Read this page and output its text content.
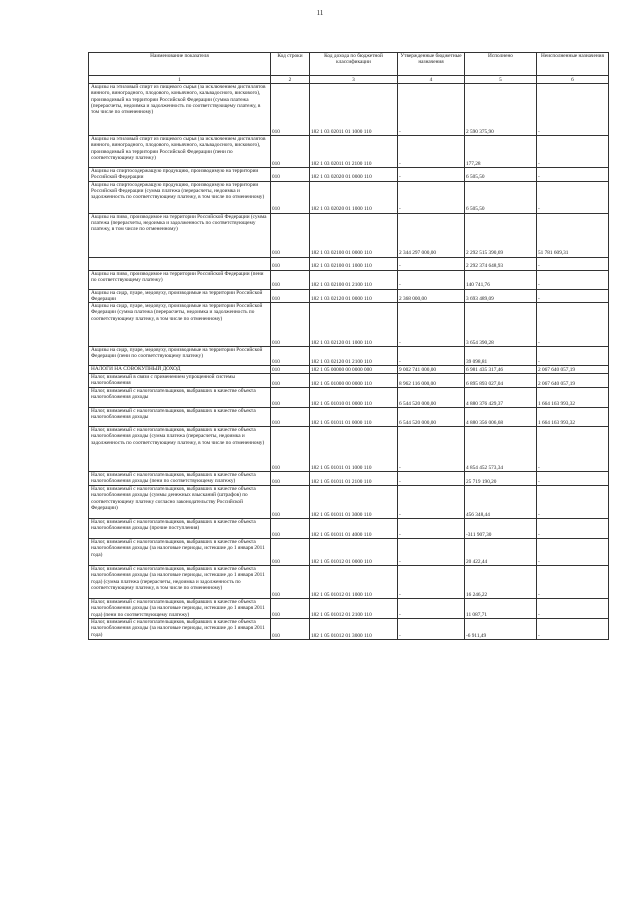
11
Наименование показателя	Код строки	Код дохода по бюджетной классификации	Утвержденные бюджетные назначения	Исполнено	Неисполненные назначения
1	2	3	4	5	6
Акцизы на этиловый спирт из пищевого сырья (за исключением дистиллятов винного, виноградного, плодового, коньячного, кальвадосного, вискового), производимый на территории Российской Федерации (сумма платежа (перерасчеты, недоимка и задолженность по соответствующему платежу, в том числе по отмененному)	010	182 1 03 02011 01 1000 110	-	2 590 375,90	-
Акцизы на этиловый спирт из пищевого сырья (за исключением дистиллятов винного, виноградного, плодового, коньячного, кальвадосного, вискового), производимый на территории Российской Федерации (пени по соответствующему платежу)	010	182 1 03 02011 01 2100 110	-	177,28	-
Акцизы на спиртосодержащую продукцию, производимую на территории Российской Федерации	010	182 1 03 02020 01 0000 110	-	6 505,50	-
Акцизы на спиртосодержащую продукцию, производимую на территории Российской Федерации (сумма платежа (перерасчеты, недоимка и задолженность по соответствующему платежу, в том числе по отмененному)	010	182 1 03 02020 01 1000 110	-	6 505,50	-
Акцизы на пиво, производимое на территории Российской Федерации (сумма платежа (перерасчеты, недоимка и задолженность по соответствующему платежу, в том числе по отмененному)	010	182 1 03 02100 01 0000 110	2 344 297 000,00	2 292 515 390,69	51 781 609,31
	010	182 1 03 02100 01 1000 110	-	2 292 374 648,93	-
Акцизы на пиво, производимое на территории Российской Федерации (пени по соответствующему платежу)	010	182 1 03 02100 01 2100 110	-	140 741,76	-
Акцизы на сидр, пуаре, медовуху, производимые на территории Российской Федерации	010	182 1 03 02120 01 0000 110	2 368 000,00	3 693 489,09	-
Акцизы на сидр, пуаре, медовуху, производимые на территории Российской Федерации (сумма платежа (перерасчеты, недоимка и задолженность по соответствующему платежу, в том числе по отмененному)	010	182 1 03 02120 01 1000 110	-	3 654 390,28	-
Акцизы на сидр, пуаре, медовуху, производимые на территории Российской Федерации (пени по соответствующему платежу)	010	182 1 03 02120 01 2100 110	-	39 098,81	-
НАЛОГИ НА СОВОКУПНЫЙ ДОХОД	010	182 1 05 00000 00 0000 000	9 002 741 000,00	6 981 435 317,46	2 067 640 057,19
Налог, взимаемый в связи с применением упрощенной системы налогообложения	010	182 1 05 01000 00 0000 110	8 962 116 000,00	6 895 893 027,04	2 067 640 057,19
Налог, взимаемый с налогоплательщиков, выбравших в качестве объекта налогообложения доходы	010	182 1 05 01010 01 0000 110	6 544 520 000,00	4 880 376 429,37	1 664 163 993,32
Налог, взимаемый с налогоплательщиков, выбравших в качестве объекта налогообложения доходы	010	182 1 05 01011 01 0000 110	6 544 520 000,00	4 880 356 006,68	1 664 163 993,32
Налог, взимаемый с налогоплательщиков, выбравших в качестве объекта налогообложения доходы (сумма платежа (перерасчеты, недоимка и задолженность по соответствующему платежу, в том числе по отмененному)	010	182 1 05 01011 01 1000 110	-	4 854 452 573,34	-
Налог, взимаемый с налогоплательщиков, выбравших в качестве объекта налогообложения доходы (пени по соответствующему платежу)	010	182 1 05 01011 01 2100 110	-	25 719 190,20	-
Налог, взимаемый с налогоплательщиков, выбравших в качестве объекта налогообложения доходы (суммы денежных взысканий (штрафов) по соответствующему платежу согласно законодательству Российской Федерации)	010	182 1 05 01011 01 3000 110	-	456 348,44	-
Налог, взимаемый с налогоплательщиков, выбравших в качестве объекта налогообложения доходы (прочие поступления)	010	182 1 05 01011 01 4000 110	-	-311 907,30	-
Налог, взимаемый с налогоплательщиков, выбравших в качестве объекта налогообложения доходы (за налоговые периоды, истекшие до 1 января 2011 года)	010	182 1 05 01012 01 0000 110	-	20 422,44	-
Налог, взимаемый с налогоплательщиков, выбравших в качестве объекта налогообложения доходы (за налоговые периоды, истекшие до 1 января 2011 года) (сумма платежа (перерасчеты, недоимка и задолженность по соответствующему платежу, в том числе по отмененному)	010	182 1 05 01012 01 1000 110	-	16 246,22	-
Налог, взимаемый с налогоплательщиков, выбравших в качестве объекта налогообложения доходы (за налоговые периоды, истекшие до 1 января 2011 года) (пени по соответствующему платежу)	010	182 1 05 01012 01 2100 110	-	11 087,71	-
Налог, взимаемый с налогоплательщиков, выбравших в качестве объекта налогообложения доходы (за налоговые периоды, истекшие до 1 января 2011 года)	010	182 1 05 01012 01 3000 110	-	-6 911,49	-
